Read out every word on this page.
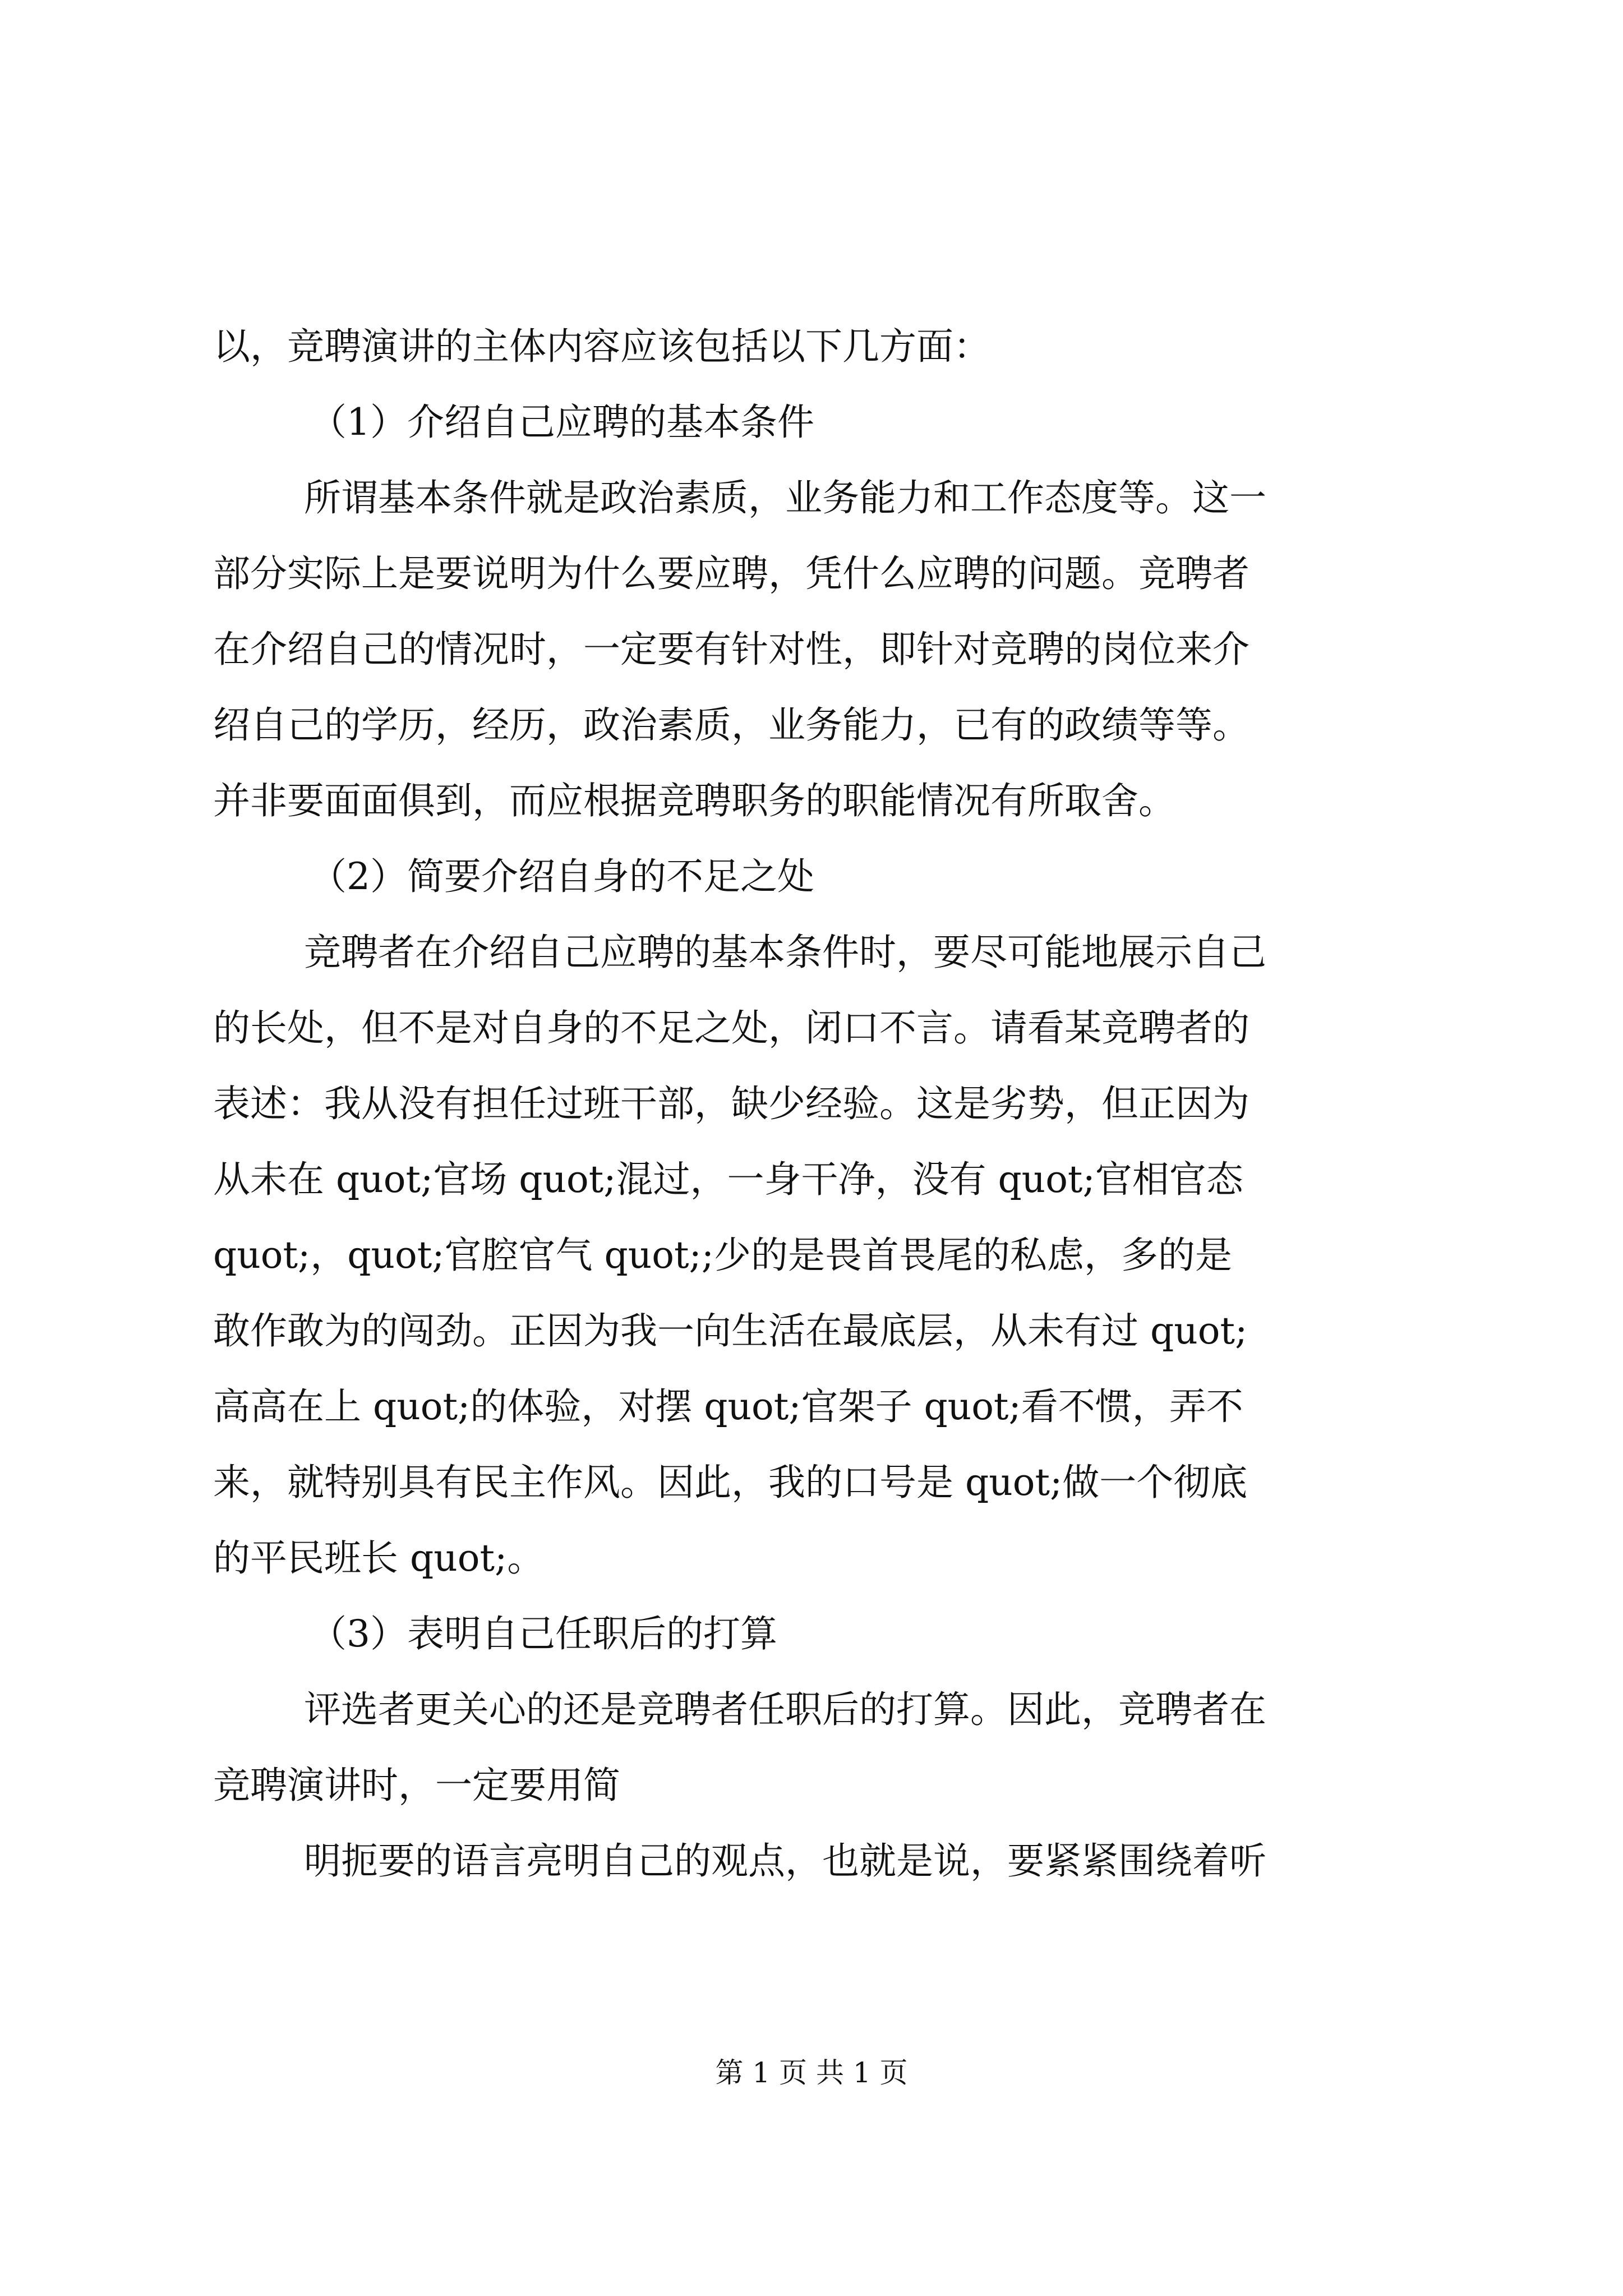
以，竞聘演讲的主体内容应该包括以下几方面：
（1）介绍自己应聘的基本条件
所谓基本条件就是政治素质，业务能力和工作态度等。这一
部分实际上是要说明为什么要应聘，凭什么应聘的问题。竞聘者
在介绍自己的情况时，一定要有针对性，即针对竞聘的岗位来介
绍自己的学历，经历，政治素质，业务能力，已有的政绩等等。
并非要面面俱到，而应根据竞聘职务的职能情况有所取舍。
（2）简要介绍自身的不足之处
竞聘者在介绍自己应聘的基本条件时，要尽可能地展示自己
的长处，但不是对自身的不足之处，闭口不言。请看某竞聘者的
表述：我从没有担任过班干部，缺少经验。这是劣势，但正因为
从未在 quot;官场 quot;混过，一身干净，没有 quot;官相官态
quot;，quot;官腔官气 quot;;少的是畏首畏尾的私虑，多的是
敢作敢为的闯劲。正因为我一向生活在最底层，从未有过 quot;
高高在上 quot;的体验，对摆 quot;官架子 quot;看不惯，弄不
来，就特别具有民主作风。因此，我的口号是 quot;做一个彻底
的平民班长 quot;。
（3）表明自己任职后的打算
评选者更关心的还是竞聘者任职后的打算。因此，竞聘者在
竞聘演讲时，一定要用简
明扼要的语言亮明自己的观点，也就是说，要紧紧围绕着听
第 1 页 共 1 页
